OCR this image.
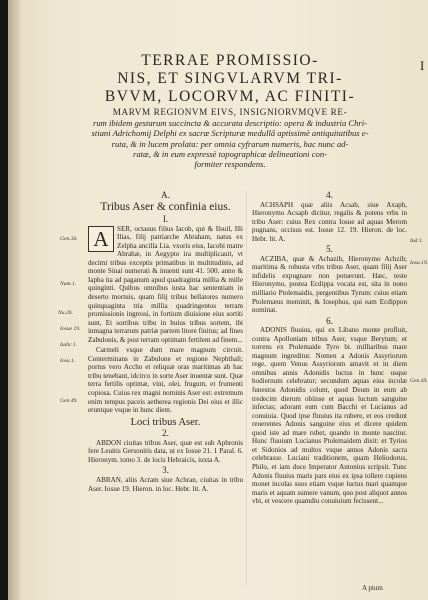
I
TERRAE PROMISSIO-
NIS, ET SINGVLARVM TRI-
BVVM, LOCORVM, AC FINITI-
MARVM REGIONVM EIVS, INSIGNIORVMQVE RE-
rum ibidem gestarum succincta & accurata descriptio: opera & industria Chri-
stiani Adrichomij Delphi ex sacræ Scripturæ medullâ aptissimè antiquitatibus e-
ruta, & in lucem prolata: per omnia cyfrarum numeris, hac nunc ad-
ratæ, & in eum expressè topographicæ delineationi con-
formiter respondens.
A.
Tribus Aser & confinia eius.
I.
A	SER, octauus filius Iacob, qui & Ilsuil, Illi Ilias, filij patriarche Abraham, natus ex Zelpha ancilla Lia. vxoris eius, Iacobi matre Abrahæ, in Aegypto ira multiplicauit, vt decimi tribus exceptis primatibus in multitudinis, ad monte Sinai numerati & inuenti sunt 41. 500. anno & Iapha ita ad paganum apud quadraginta millia & mille quinginti. Quibus omnibus iusta hac sententiam in deserto mortuis, quam filij tribus bellatores numero quinquaginta tria millia quadringentos terram promissionis ingressi, in fortium diuisione eius sortiti sunt, Et sortibus tribu in huius tribus sortem, ibi inmagna terrarum patriæ partem litore finitus; ad fines Zabulonis, & post terram optimam fertilem ad finem...
Carmeli vsque dum mare magnum circuit. Conterminans in Zabulone et regione Nephthali; portus vero Accho et reliquæ oras maritimas ab hac tribu tenebant, idcirco in sorte Aser inuentæ sunt. Quæ terra fertilis optimæ, vini, olei, frugum, et frumenti copiosa. Cuius rex magni nominis Aser est: extremum enim tempus paceis aetherea regionis Dei eius et illic eruntque vsque in hunc diem.
Loci tribus Aser.
2.
ABDON ciuitas tribus Aser, quæ est sub Aphronis fere Leuitis Gersonitis data, ut ex Iosue 21. 1 Paral. 6. Hieronym. tomo 3. de locis Hebraicis, iuxta A.
3.
ABRAN, aliis Acram siue Achran, ciuitas in tribu Aser. Iosue 19. Hieron. in loc. Hebr. lit. A.
4.
ACHSAPH quæ aliis Acsab, siue Axaph, Hieronymo Acsaph dicitur, regalis & potens vrbs in tribu Aser: cuius Rex contra Iosue ad aquas Merom pugnans, occisus est. Iosue 12. 19. Hieron. de loc. Hebr. lit. A.
5.
ACZIBA, quæ & Achazib, Hieronymo Achzib; maritima & robusta vrbs tribus Aser, quam filij Aser infidelis expugnare non potuerunt. Hæc, teste Hieronymo, postea Ecdippa vocata est, sita in nono milliario Ptolemaidis, pergentibus Tyrum: cuius etiam Ptolemæus meminit, & Iosephus, qui eam Ecdippon nominat.
6.
ADONIS fluuius, qui ex Libano monte profluit, contra Apolloniam tribus Aser, vsque Berytum; et torrens ex Ptolemaide Tyro bi. milliaribus mare magnum ingreditur. Nomen a Adonis Assyriorum rege, quem Venus Assyriorum amavit et in diem omnibus annis Adonidis luctus in hunc usque hodiernum celebratur; secundum aquas eius incolæ funestos Adonidis colunt, quod Deum in eum ab tredecim dierum obiisse et aquas luctum sanguine infectas; adorant eum cum Bacchi et Lucianus ad conuiuia. Quod ipse fluuius ita rubere, et eos credunt reuerentes Adonis sanguine eius et dicere quidem quod iste ad mare rubet, quando in monte nascitur. Hunc fluuium Lucianus Ptolemaidem dixit: et Tyrios et Sidonios ad multos vsque annos Adonis sacra celebrasse. Luciani traditionem, quam Heliodorus, Philo, et iam duce Imperator Antonius scripsit. Tunc Adonis fluuius maris pars eius ex ipsa tollere cupiens monet incolas suos etiam vsque luctus mari quamque maris et aquam sumere vanum, quo post aliquot annos vbi, et vescere quamdiu conuiuium fecissent...
Gen.30.
Num.1.
Nu.26.
Iosue 19.
Iudic.1.
Iosu.1.
Gen.49.
Iud.1.
Iosu.19.
Gen.49.
A pium
